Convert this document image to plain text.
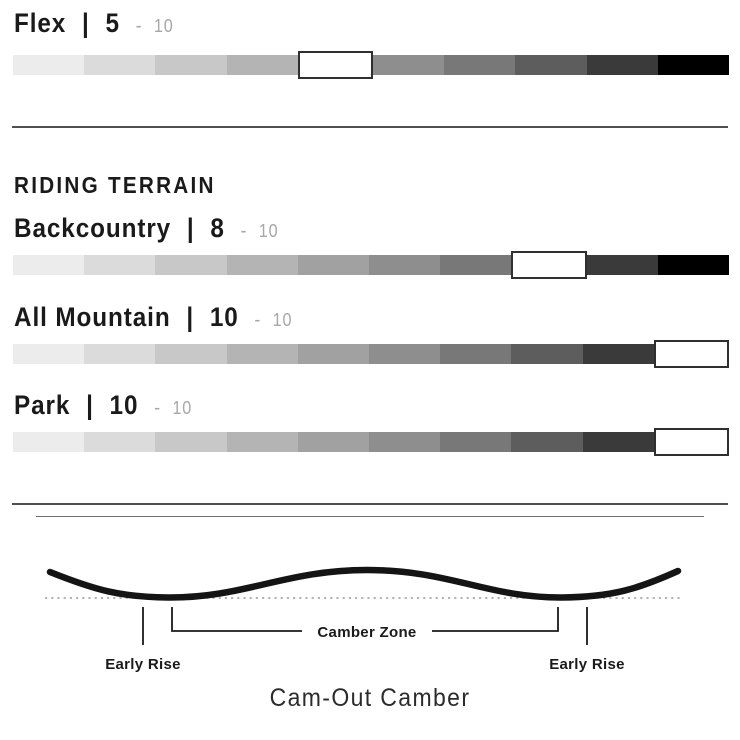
Flex | 5 - 10
RIDING TERRAIN
Backcountry | 8 - 10
All Mountain | 10 - 10
Park | 10 - 10
Camber Zone
Early Rise	Early Rise
Cam-Out Camber
